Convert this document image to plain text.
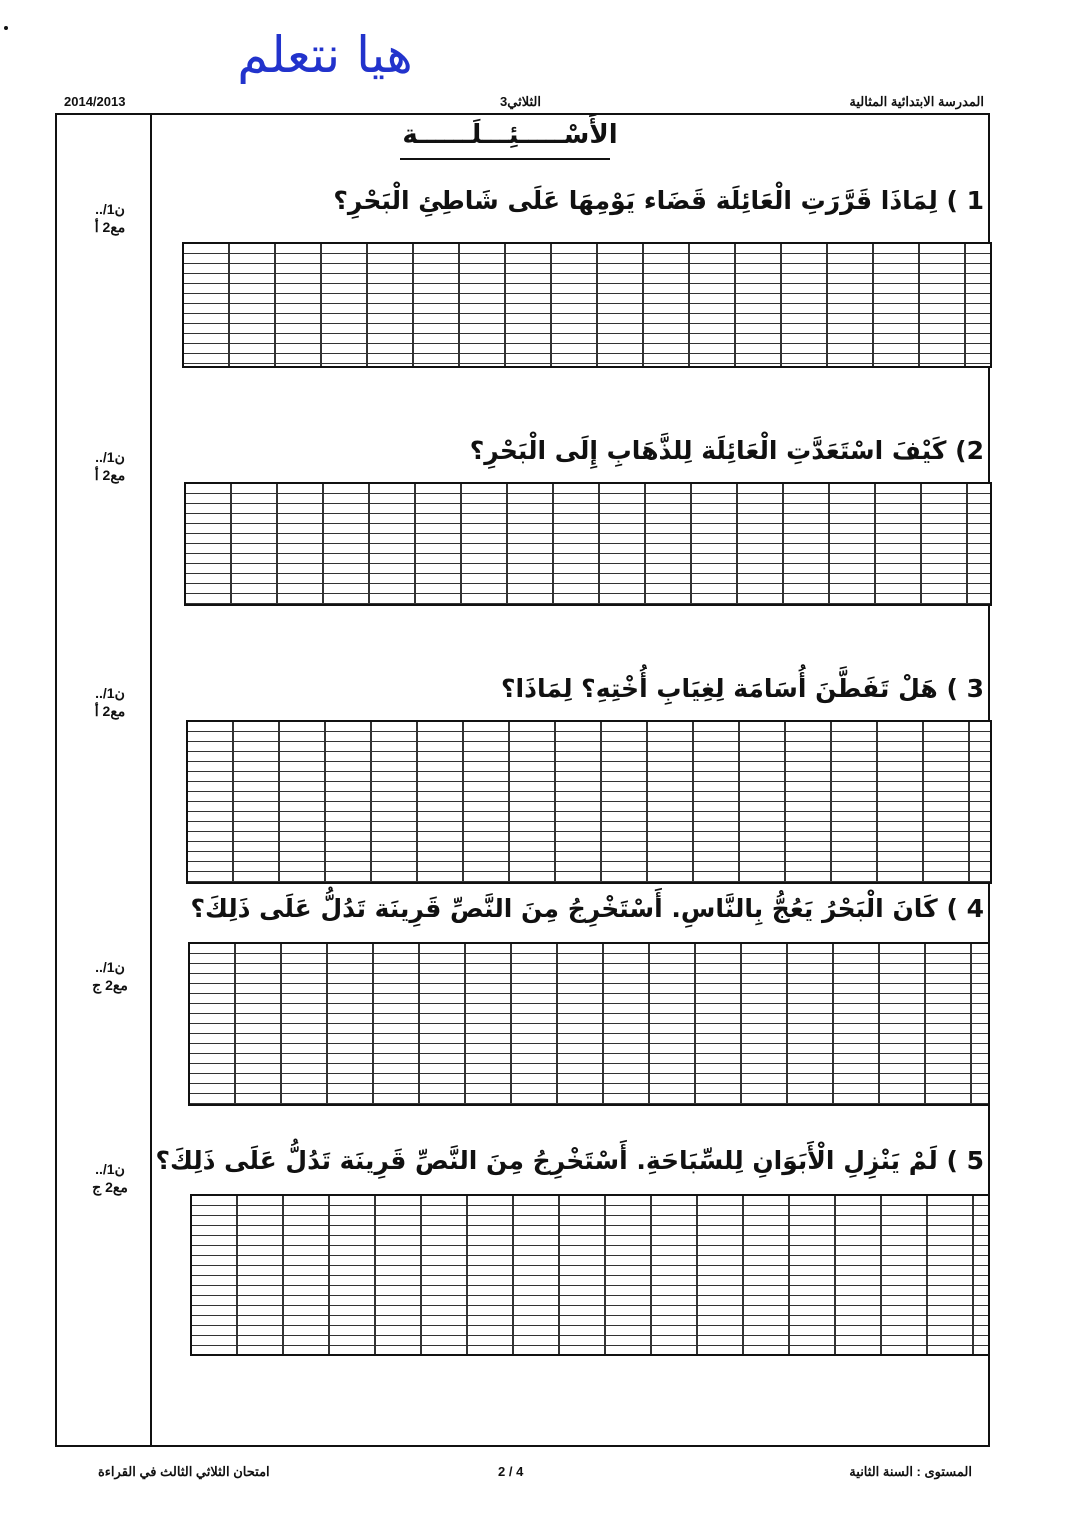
هيا نتعلم
2014/2013	الثلاثي3	المدرسة الابتدائية المثالية
الأَسْـــــئِـــلَــــــة
1 ) لِمَاذَا قَرَّرَتِ الْعَائِلَة قَضَاء يَوْمِهَا عَلَى شَاطِئِ الْبَحْرِ؟
../1ن
مع2 أ
2) كَيْفَ اسْتَعَدَّتِ الْعَائِلَة لِلذَّهَابِ إِلَى الْبَحْرِ؟
../1ن
مع2 أ
3 ) هَلْ تَفَطَّنَ أُسَامَة لِغِيَابِ أُخْتِهِ؟ لِمَاذَا؟
../1ن
مع2 أ
4 ) كَانَ الْبَحْرُ يَعُجُّ بِالنَّاسِ. أَسْتَخْرِجُ مِنَ النَّصِّ قَرِينَة تَدُلُّ عَلَى ذَلِكَ؟
../1ن
مع2 ج
5 ) لَمْ يَنْزِلِ الْأَبَوَانِ لِلسِّبَاحَةِ. أَسْتَخْرِجُ مِنَ النَّصِّ قَرِينَة تَدُلُّ عَلَى ذَلِكَ؟
../1ن
مع2 ج
امتحان الثلاثي الثالث في القراءة	2 / 4	المستوى : السنة الثانية
